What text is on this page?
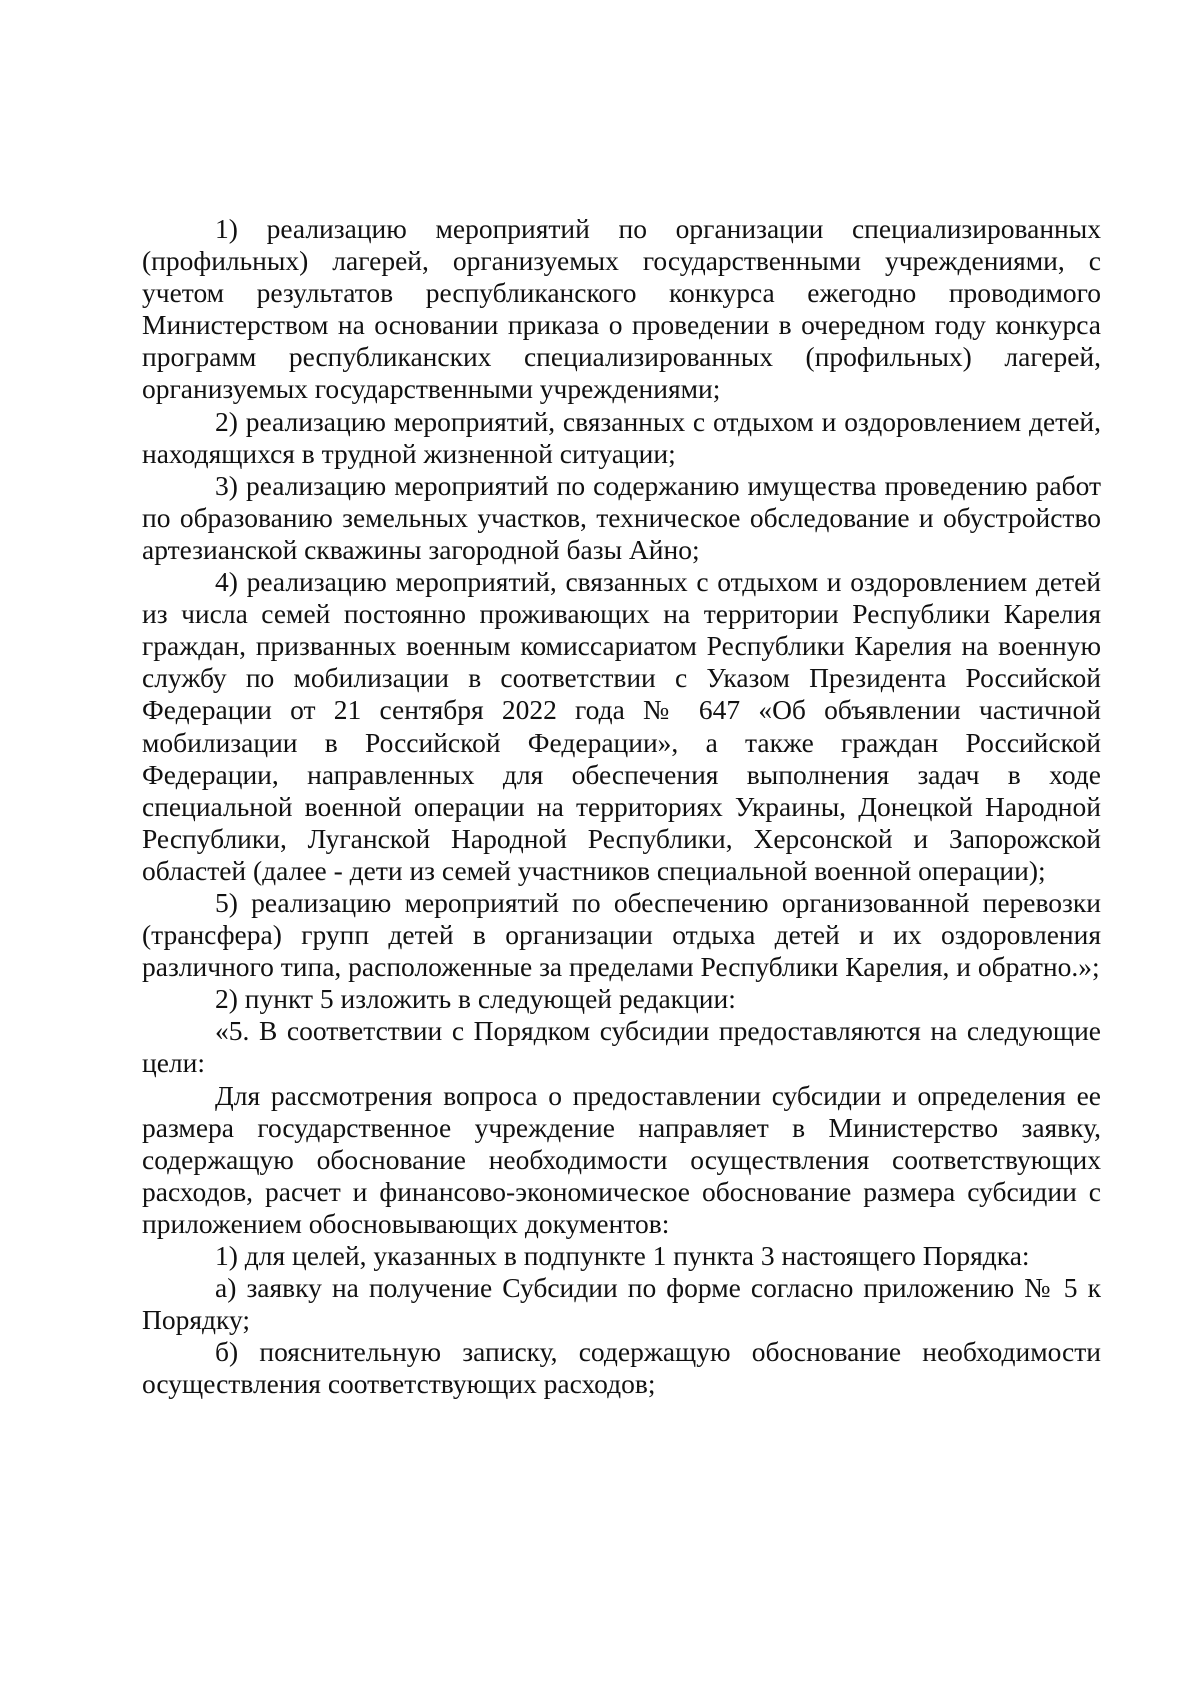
1) реализацию мероприятий по организации специализированных (профильных) лагерей, организуемых государственными учреждениями, с учетом результатов республиканского конкурса ежегодно проводимого Министерством на основании приказа о проведении в очередном году конкурса программ республиканских специализированных (профильных) лагерей, организуемых государственными учреждениями;

2) реализацию мероприятий, связанных с отдыхом и оздоровлением детей, находящихся в трудной жизненной ситуации;

3) реализацию мероприятий по содержанию имущества проведению работ по образованию земельных участков, техническое обследование и обустройство артезианской скважины загородной базы Айно;

4) реализацию мероприятий, связанных с отдыхом и оздоровлением детей из числа семей постоянно проживающих на территории Республики Карелия граждан, призванных военным комиссариатом Республики Карелия на военную службу по мобилизации в соответствии с Указом Президента Российской Федерации от 21 сентября 2022 года № 647 «Об объявлении частичной мобилизации в Российской Федерации», а также граждан Российской Федерации, направленных для обеспечения выполнения задач в ходе специальной военной операции на территориях Украины, Донецкой Народной Республики, Луганской Народной Республики, Херсонской и Запорожской областей (далее - дети из семей участников специальной военной операции);

5) реализацию мероприятий по обеспечению организованной перевозки (трансфера) групп детей в организации отдыха детей и их оздоровления различного типа, расположенные за пределами Республики Карелия, и обратно.»;

2) пункт 5 изложить в следующей редакции:

«5. В соответствии с Порядком субсидии предоставляются на следующие цели:

Для рассмотрения вопроса о предоставлении субсидии и определения ее размера государственное учреждение направляет в Министерство заявку, содержащую обоснование необходимости осуществления соответствующих расходов, расчет и финансово-экономическое обоснование размера субсидии с приложением обосновывающих документов:

1) для целей, указанных в подпункте 1 пункта 3 настоящего Порядка:

а) заявку на получение Субсидии по форме согласно приложению № 5 к Порядку;

б) пояснительную записку, содержащую обоснование необходимости осуществления соответствующих расходов;
